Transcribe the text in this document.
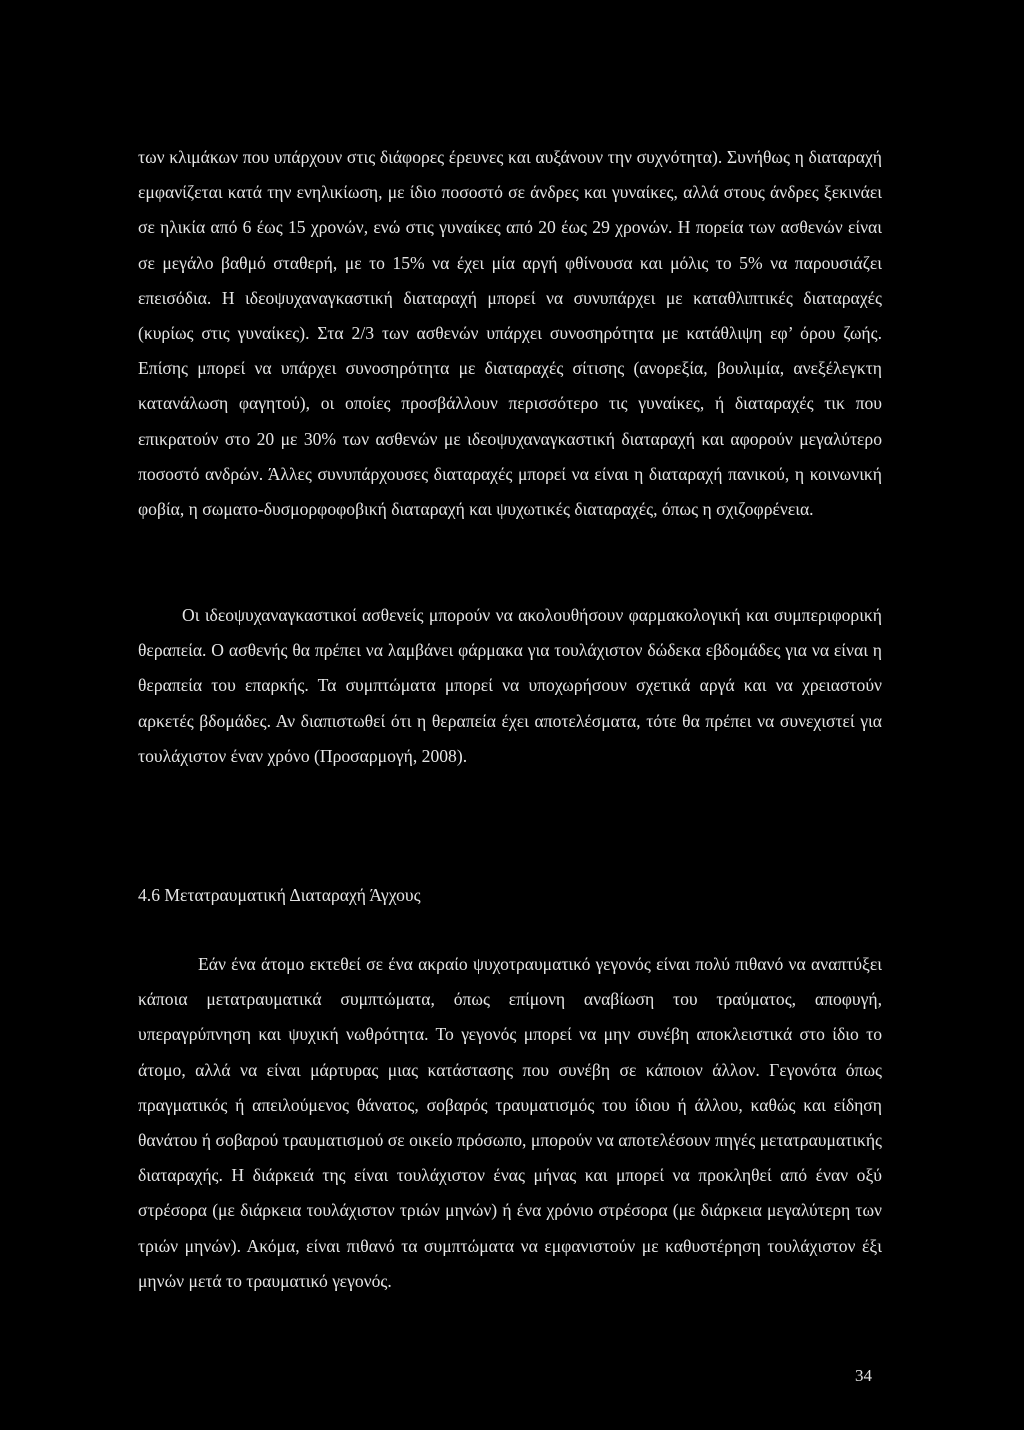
των κλιμάκων που υπάρχουν στις διάφορες έρευνες και αυξάνουν την συχνότητα). Συνήθως η διαταραχή εμφανίζεται κατά την ενηλικίωση, με ίδιο ποσοστό σε άνδρες και γυναίκες, αλλά στους άνδρες ξεκινάει σε ηλικία από 6 έως 15 χρονών, ενώ στις γυναίκες από 20 έως 29 χρονών. Η πορεία των ασθενών είναι σε μεγάλο βαθμό σταθερή, με το 15% να έχει μία αργή φθίνουσα και μόλις το 5% να παρουσιάζει επεισόδια. Η ιδεοψυχαναγκαστική διαταραχή μπορεί να συνυπάρχει με καταθλιπτικές διαταραχές (κυρίως στις γυναίκες). Στα 2/3 των ασθενών υπάρχει συνοσηρότητα με κατάθλιψη εφ’ όρου ζωής. Επίσης μπορεί να υπάρχει συνοσηρότητα με διαταραχές σίτισης (ανορεξία, βουλιμία, ανεξέλεγκτη κατανάλωση φαγητού), οι οποίες προσβάλλουν περισσότερο τις γυναίκες, ή διαταραχές τικ που επικρατούν στο 20 με 30% των ασθενών με ιδεοψυχαναγκαστική διαταραχή και αφορούν μεγαλύτερο ποσοστό ανδρών. Άλλες συνυπάρχουσες διαταραχές μπορεί να είναι η διαταραχή πανικού, η κοινωνική φοβία, η σωματο-δυσμορφοφοβική διαταραχή και ψυχωτικές διαταραχές, όπως η σχιζοφρένεια.

Οι ιδεοψυχαναγκαστικοί ασθενείς μπορούν να ακολουθήσουν φαρμακολογική και συμπεριφορική θεραπεία. Ο ασθενής θα πρέπει να λαμβάνει φάρμακα για τουλάχιστον δώδεκα εβδομάδες για να είναι η θεραπεία του επαρκής. Τα συμπτώματα μπορεί να υποχωρήσουν σχετικά αργά και να χρειαστούν αρκετές βδομάδες. Αν διαπιστωθεί ότι η θεραπεία έχει αποτελέσματα, τότε θα πρέπει να συνεχιστεί για τουλάχιστον έναν χρόνο (Προσαρμογή, 2008).

4.6 Μετατραυματική Διαταραχή Άγχους

Εάν ένα άτομο εκτεθεί σε ένα ακραίο ψυχοτραυματικό γεγονός είναι πολύ πιθανό να αναπτύξει κάποια μετατραυματικά συμπτώματα, όπως επίμονη αναβίωση του τραύματος, αποφυγή, υπεραγρύπνηση και ψυχική νωθρότητα. Το γεγονός μπορεί να μην συνέβη αποκλειστικά στο ίδιο το άτομο, αλλά να είναι μάρτυρας μιας κατάστασης που συνέβη σε κάποιον άλλον. Γεγονότα όπως πραγματικός ή απειλούμενος θάνατος, σοβαρός τραυματισμός του ίδιου ή άλλου, καθώς και είδηση θανάτου ή σοβαρού τραυματισμού σε οικείο πρόσωπο, μπορούν να αποτελέσουν πηγές μετατραυματικής διαταραχής. Η διάρκειά της είναι τουλάχιστον ένας μήνας και μπορεί να προκληθεί από έναν οξύ στρέσορα (με διάρκεια τουλάχιστον τριών μηνών) ή ένα χρόνιο στρέσορα (με διάρκεια μεγαλύτερη των τριών μηνών). Ακόμα, είναι πιθανό τα συμπτώματα να εμφανιστούν με καθυστέρηση τουλάχιστον έξι μηνών μετά το τραυματικό γεγονός.

34
